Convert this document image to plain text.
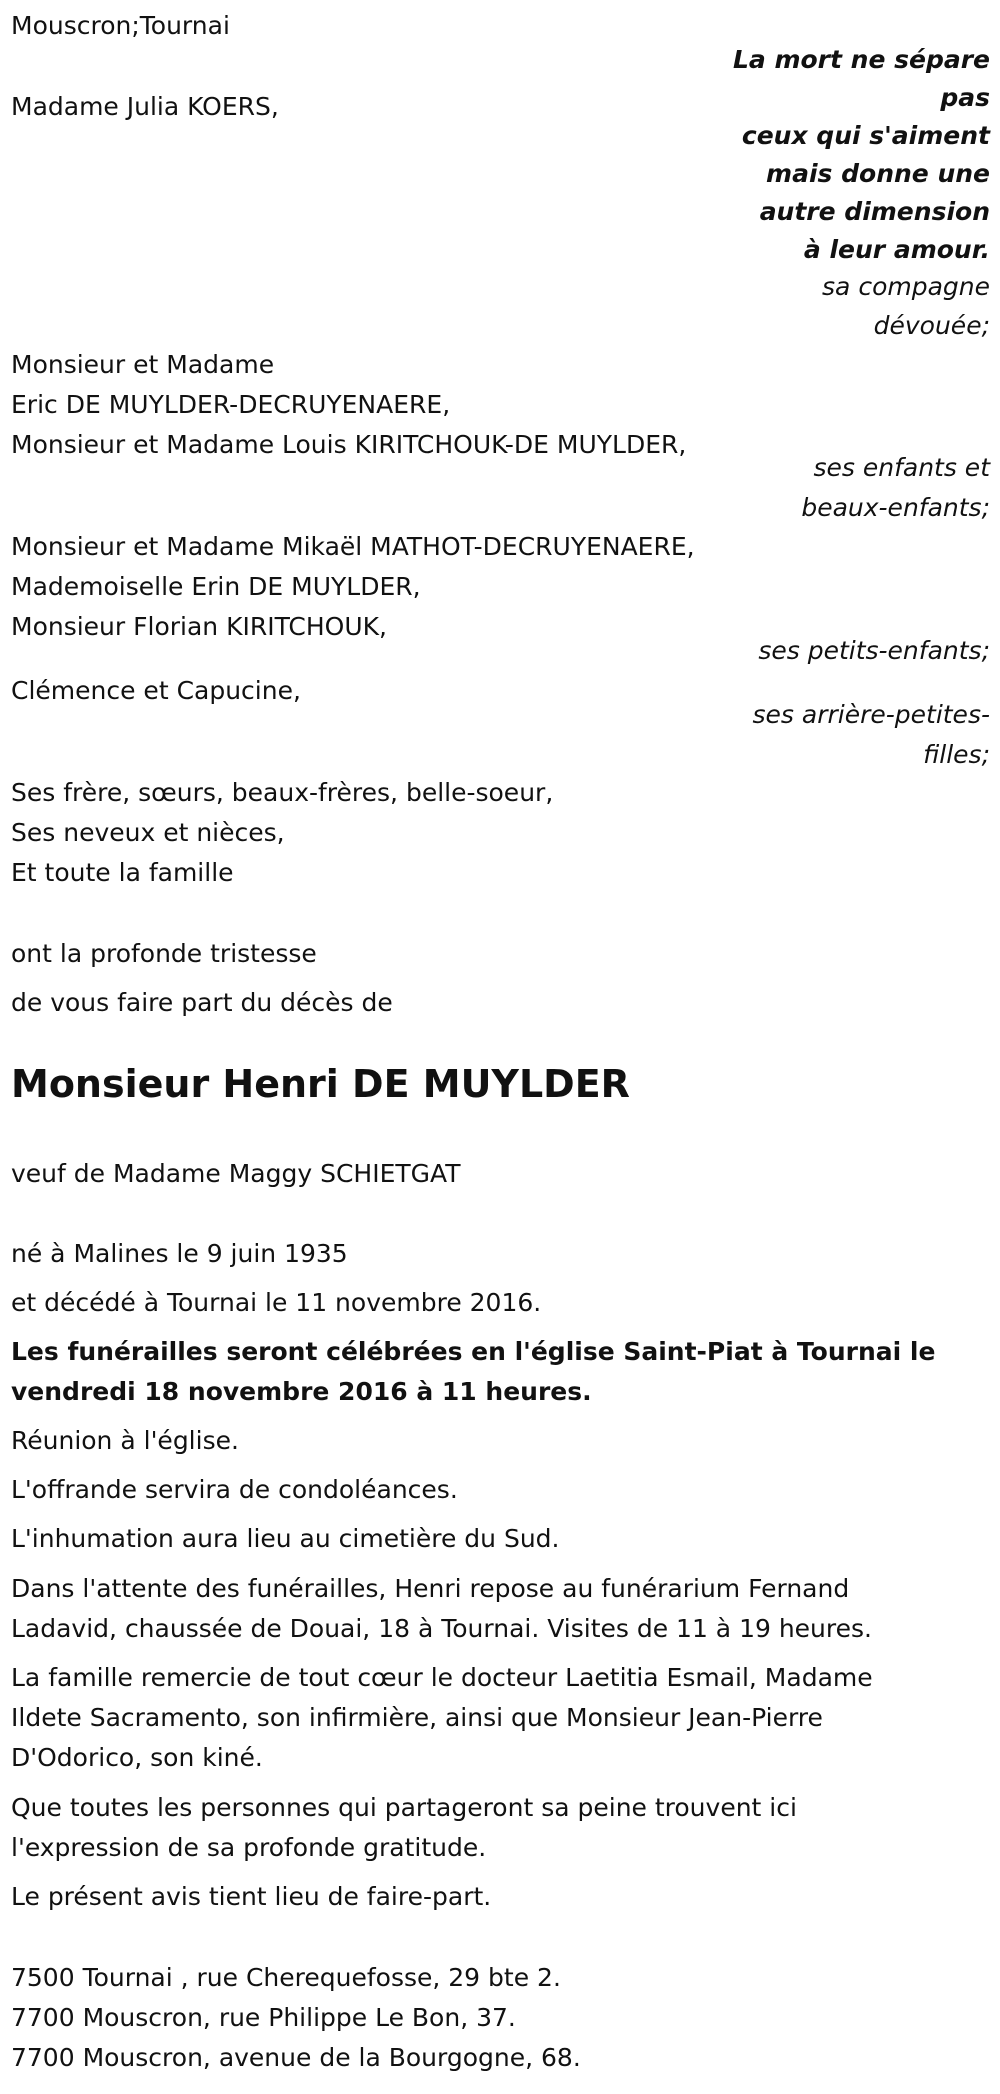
Mouscron;Tournai
La mort ne sépare
pas
ceux qui s'aiment
mais donne une
autre dimension
à leur amour.
Madame Julia KOERS,
sa compagne
dévouée;
Monsieur et Madame
Eric DE MUYLDER-DECRUYENAERE,
Monsieur et Madame Louis KIRITCHOUK-DE MUYLDER,
ses enfants et
beaux-enfants;
Monsieur et Madame Mikaël MATHOT-DECRUYENAERE,
Mademoiselle Erin DE MUYLDER,
Monsieur Florian KIRITCHOUK,
ses petits-enfants;
Clémence et Capucine,
ses arrière-petites-
filles;
Ses frère, sœurs, beaux-frères, belle-soeur,
Ses neveux et nièces,
Et toute la famille
ont la profonde tristesse
de vous faire part du décès de
Monsieur Henri DE MUYLDER
veuf de Madame Maggy SCHIETGAT
né à Malines le 9 juin 1935
et décédé à Tournai le 11 novembre 2016.
Les funérailles seront célébrées en l'église Saint-Piat à Tournai le
vendredi 18 novembre 2016 à 11 heures.
Réunion à l'église.
L'offrande servira de condoléances.
L'inhumation aura lieu au cimetière du Sud.
Dans l'attente des funérailles, Henri repose au funérarium Fernand
Ladavid, chaussée de Douai, 18 à Tournai. Visites de 11 à 19 heures.
La famille remercie de tout cœur le docteur Laetitia Esmail, Madame
Ildete Sacramento, son infirmière, ainsi que Monsieur Jean-Pierre
D'Odorico, son kiné.
Que toutes les personnes qui partageront sa peine trouvent ici
l'expression de sa profonde gratitude.
Le présent avis tient lieu de faire-part.
7500 Tournai , rue Cherequefosse, 29 bte 2.
7700 Mouscron, rue Philippe Le Bon, 37.
7700 Mouscron, avenue de la Bourgogne, 68.
